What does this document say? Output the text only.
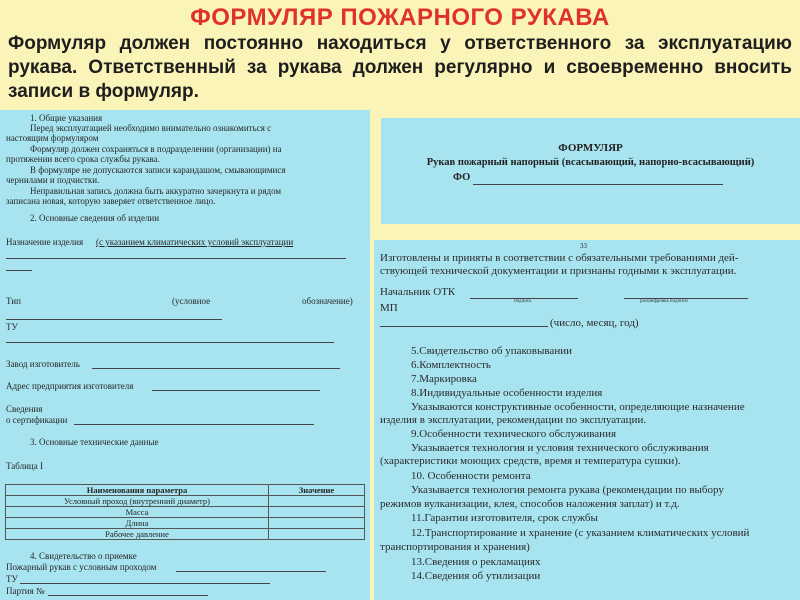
ФОРМУЛЯР ПОЖАРНОГО РУКАВА
Формуляр должен постоянно находиться у ответственного за эксплуатацию рукава. Ответственный за рукава должен регулярно и своевременно вносить записи в формуляр.
1. Общие указания
Перед эксплуатацией необходимо внимательно ознакомиться с
настоящим формуляром
Формуляр должен сохраняться в подразделении (организации) на
протяжении всего срока службы рукава.
В формуляре не допускаются записи карандашом, смывающимися
чернилами и подчистки.
Неправильная запись должна быть аккуратно зачеркнута и рядом
записана новая, которую заверяет ответственное лицо.
2. Основные сведения об изделии
Назначение изделия (с указанием климатических условий эксплуатации
Тип	(условное	обозначение)
ТУ
Завод изготовитель
Адрес предприятия изготовителя
Сведения
о сертификации
3. Основные технические данные
Таблица I
Наименования параметра	Значение
Условный проход (внутренний диаметр)	
Масса	
Длина	
Рабочее давление	
4. Свидетельство о приемке
Пожарный рукав с условным проходом
ТУ
Партия №
ФОРМУЛЯР
Рукав пожарный напорный (всасывающий, напорно-всасывающий)
ФО
33
Изготовлены и приняты в соответствии с обязательными требованиями дей-
ствующей технической документации и признаны годными к эксплуатации.
Начальник ОТК
подпись	расшифровка подписи
МП
(число, месяц, год)
5.Свидетельство об упаковывании
6.Комплектность
7.Маркировка
8.Индивидуальные особенности изделия
Указываются конструктивные особенности, определяющие назначение
изделия в эксплуатации, рекомендации по эксплуатации.
9.Особенности технического обслуживания
Указывается технология и условия технического обслуживания
(характеристики моющих средств, время и температура сушки).
10. Особенности ремонта
Указывается технология ремонта рукава (рекомендации по выбору
режимов вулканизации, клея, способов наложения заплат) и т.д.
11.Гарантии изготовителя, срок службы
12.Транспортирование и хранение (с указанием климатических условий
транспортирования и хранения)
13.Сведения о рекламациях
14.Сведения об утилизации
